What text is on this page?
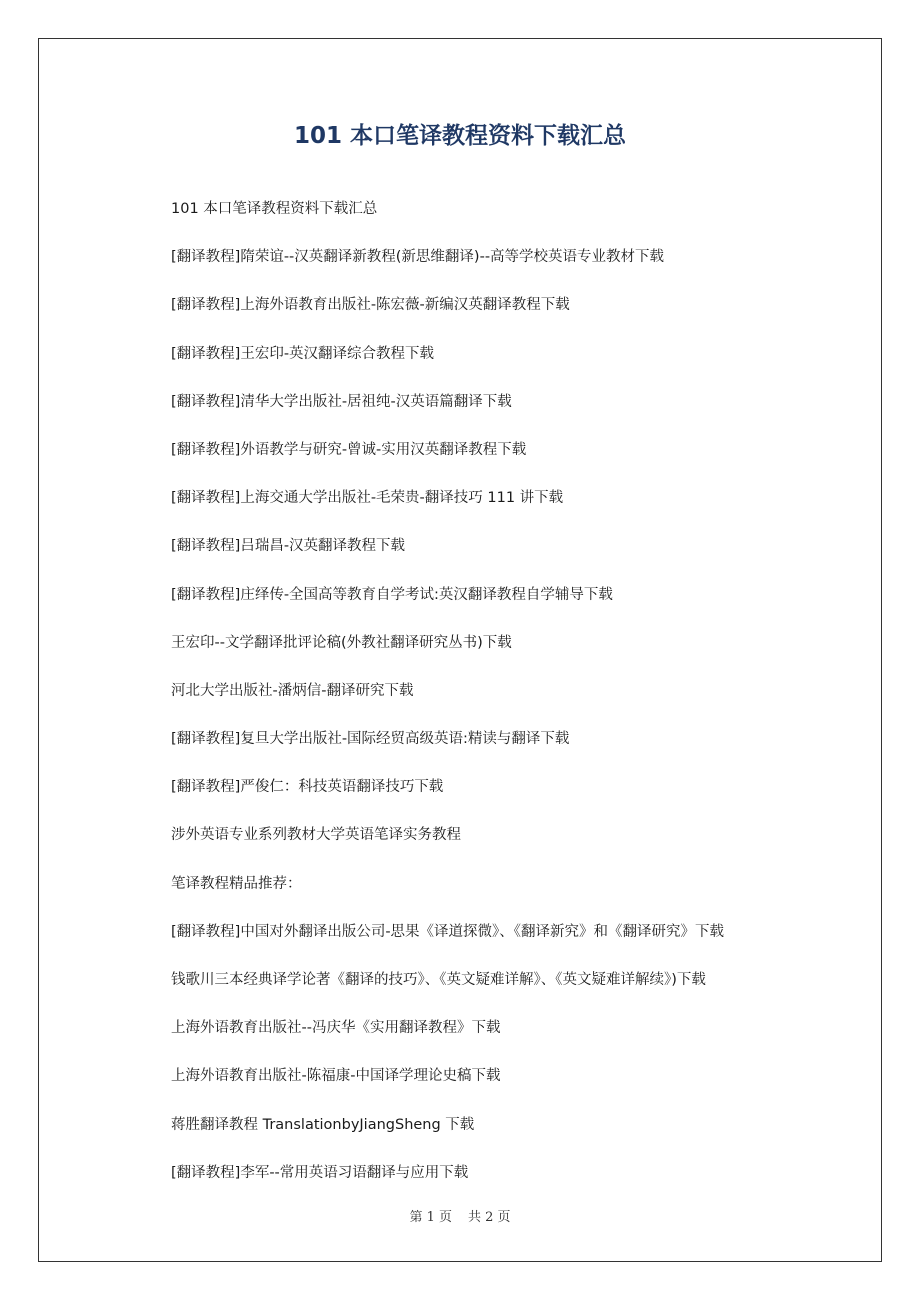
101 本口笔译教程资料下载汇总
101 本口笔译教程资料下载汇总
[翻译教程]隋荣谊--汉英翻译新教程(新思维翻译)--高等学校英语专业教材下载
[翻译教程]上海外语教育出版社-陈宏薇-新编汉英翻译教程下载
[翻译教程]王宏印-英汉翻译综合教程下载
[翻译教程]清华大学出版社-居祖纯-汉英语篇翻译下载
[翻译教程]外语教学与研究-曾诚-实用汉英翻译教程下载
[翻译教程]上海交通大学出版社-毛荣贵-翻译技巧 111 讲下载
[翻译教程]吕瑞昌-汉英翻译教程下载
[翻译教程]庄绎传-全国高等教育自学考试:英汉翻译教程自学辅导下载
王宏印--文学翻译批评论稿(外教社翻译研究丛书)下载
河北大学出版社-潘炳信-翻译研究下载
[翻译教程]复旦大学出版社-国际经贸高级英语:精读与翻译下载
[翻译教程]严俊仁：科技英语翻译技巧下载
涉外英语专业系列教材大学英语笔译实务教程
笔译教程精品推荐：
[翻译教程]中国对外翻译出版公司-思果《译道探微》、《翻译新究》和《翻译研究》下载
钱歌川三本经典译学论著《翻译的技巧》、《英文疑难详解》、《英文疑难详解续》)下载
上海外语教育出版社--冯庆华《实用翻译教程》下载
上海外语教育出版社-陈福康-中国译学理论史稿下载
蒋胜翻译教程 TranslationbyJiangSheng 下载
[翻译教程]李军--常用英语习语翻译与应用下载
第 1 页 共 2 页
